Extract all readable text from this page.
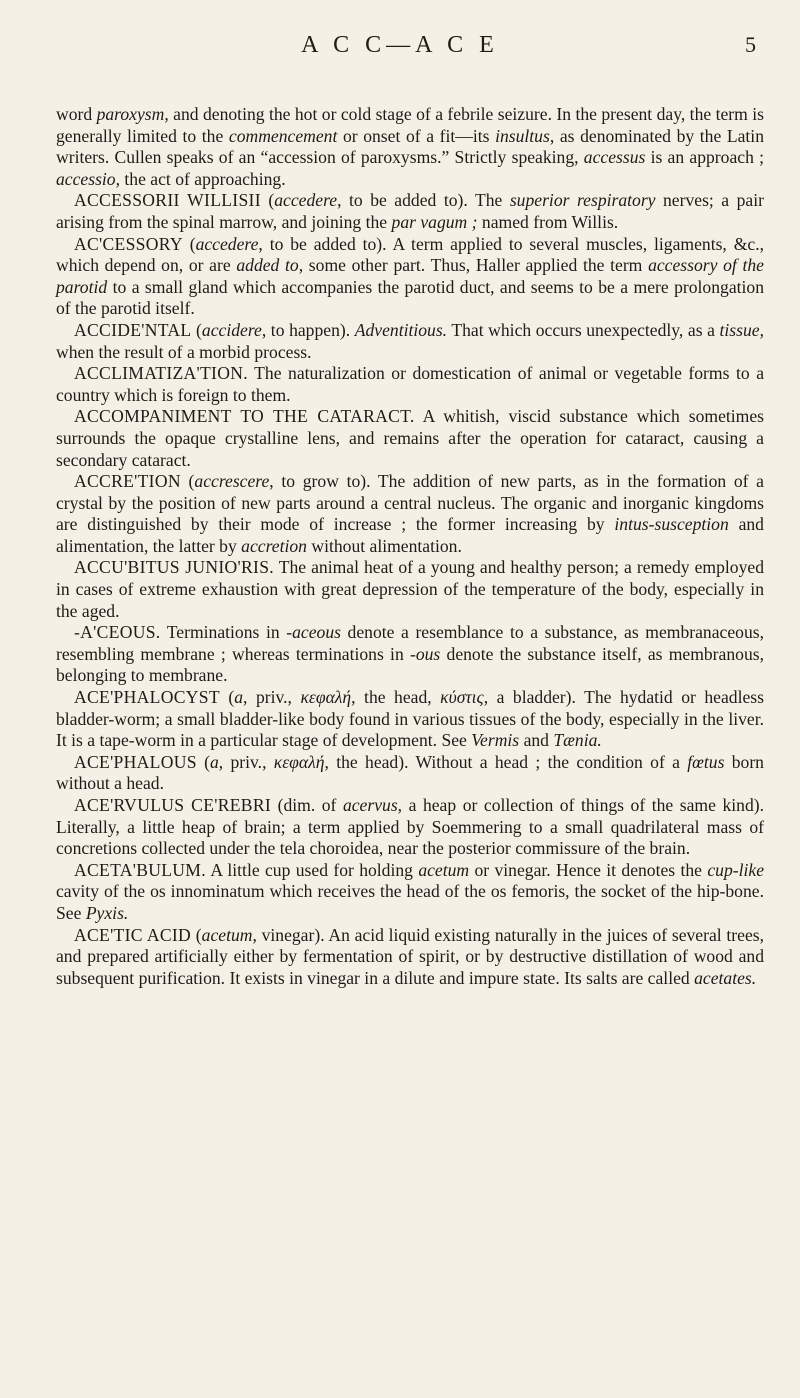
A C C—A C E	5

word paroxysm, and denoting the hot or cold stage of a febrile seizure. In the present day, the term is generally limited to the commencement or onset of a fit—its insultus, as denominated by the Latin writers. Cullen speaks of an “accession of paroxysms.” Strictly speaking, accessus is an approach ; accessio, the act of approaching.

ACCESSORII WILLISII (accedere, to be added to). The superior respiratory nerves; a pair arising from the spinal marrow, and joining the par vagum ; named from Willis.

AC'CESSORY (accedere, to be added to). A term applied to several muscles, ligaments, &c., which depend on, or are added to, some other part. Thus, Haller applied the term accessory of the parotid to a small gland which accompanies the parotid duct, and seems to be a mere prolongation of the parotid itself.

ACCIDE'NTAL (accidere, to happen). Adventitious. That which occurs unexpectedly, as a tissue, when the result of a morbid process.

ACCLIMATIZA'TION. The naturalization or domestication of animal or vegetable forms to a country which is foreign to them.

ACCOMPANIMENT TO THE CATARACT. A whitish, viscid substance which sometimes surrounds the opaque crystalline lens, and remains after the operation for cataract, causing a secondary cataract.

ACCRE'TION (accrescere, to grow to). The addition of new parts, as in the formation of a crystal by the position of new parts around a central nucleus. The organic and inorganic kingdoms are distinguished by their mode of increase ; the former increasing by intus-susception and alimentation, the latter by accretion without alimentation.

ACCU'BITUS JUNIO'RIS. The animal heat of a young and healthy person; a remedy employed in cases of extreme exhaustion with great depression of the temperature of the body, especially in the aged.

-A'CEOUS. Terminations in -aceous denote a resemblance to a substance, as membranaceous, resembling membrane ; whereas terminations in -ous denote the substance itself, as membranous, belonging to membrane.

ACE'PHALOCYST (a, priv., κεφαλή, the head, κύστις, a bladder). The hydatid or headless bladder-worm; a small bladder-like body found in various tissues of the body, especially in the liver. It is a tape-worm in a particular stage of development. See Vermis and Tænia.

ACE'PHALOUS (a, priv., κεφαλή, the head). Without a head ; the condition of a fœtus born without a head.

ACE'RVULUS CE'REBRI (dim. of acervus, a heap or collection of things of the same kind). Literally, a little heap of brain; a term applied by Soemmering to a small quadrilateral mass of concretions collected under the tela choroidea, near the posterior commissure of the brain.

ACETA'BULUM. A little cup used for holding acetum or vinegar. Hence it denotes the cup-like cavity of the os innominatum which receives the head of the os femoris, the socket of the hip-bone. See Pyxis.

ACE'TIC ACID (acetum, vinegar). An acid liquid existing naturally in the juices of several trees, and prepared artificially either by fermentation of spirit, or by destructive distillation of wood and subsequent purification. It exists in vinegar in a dilute and impure state. Its salts are called acetates.
